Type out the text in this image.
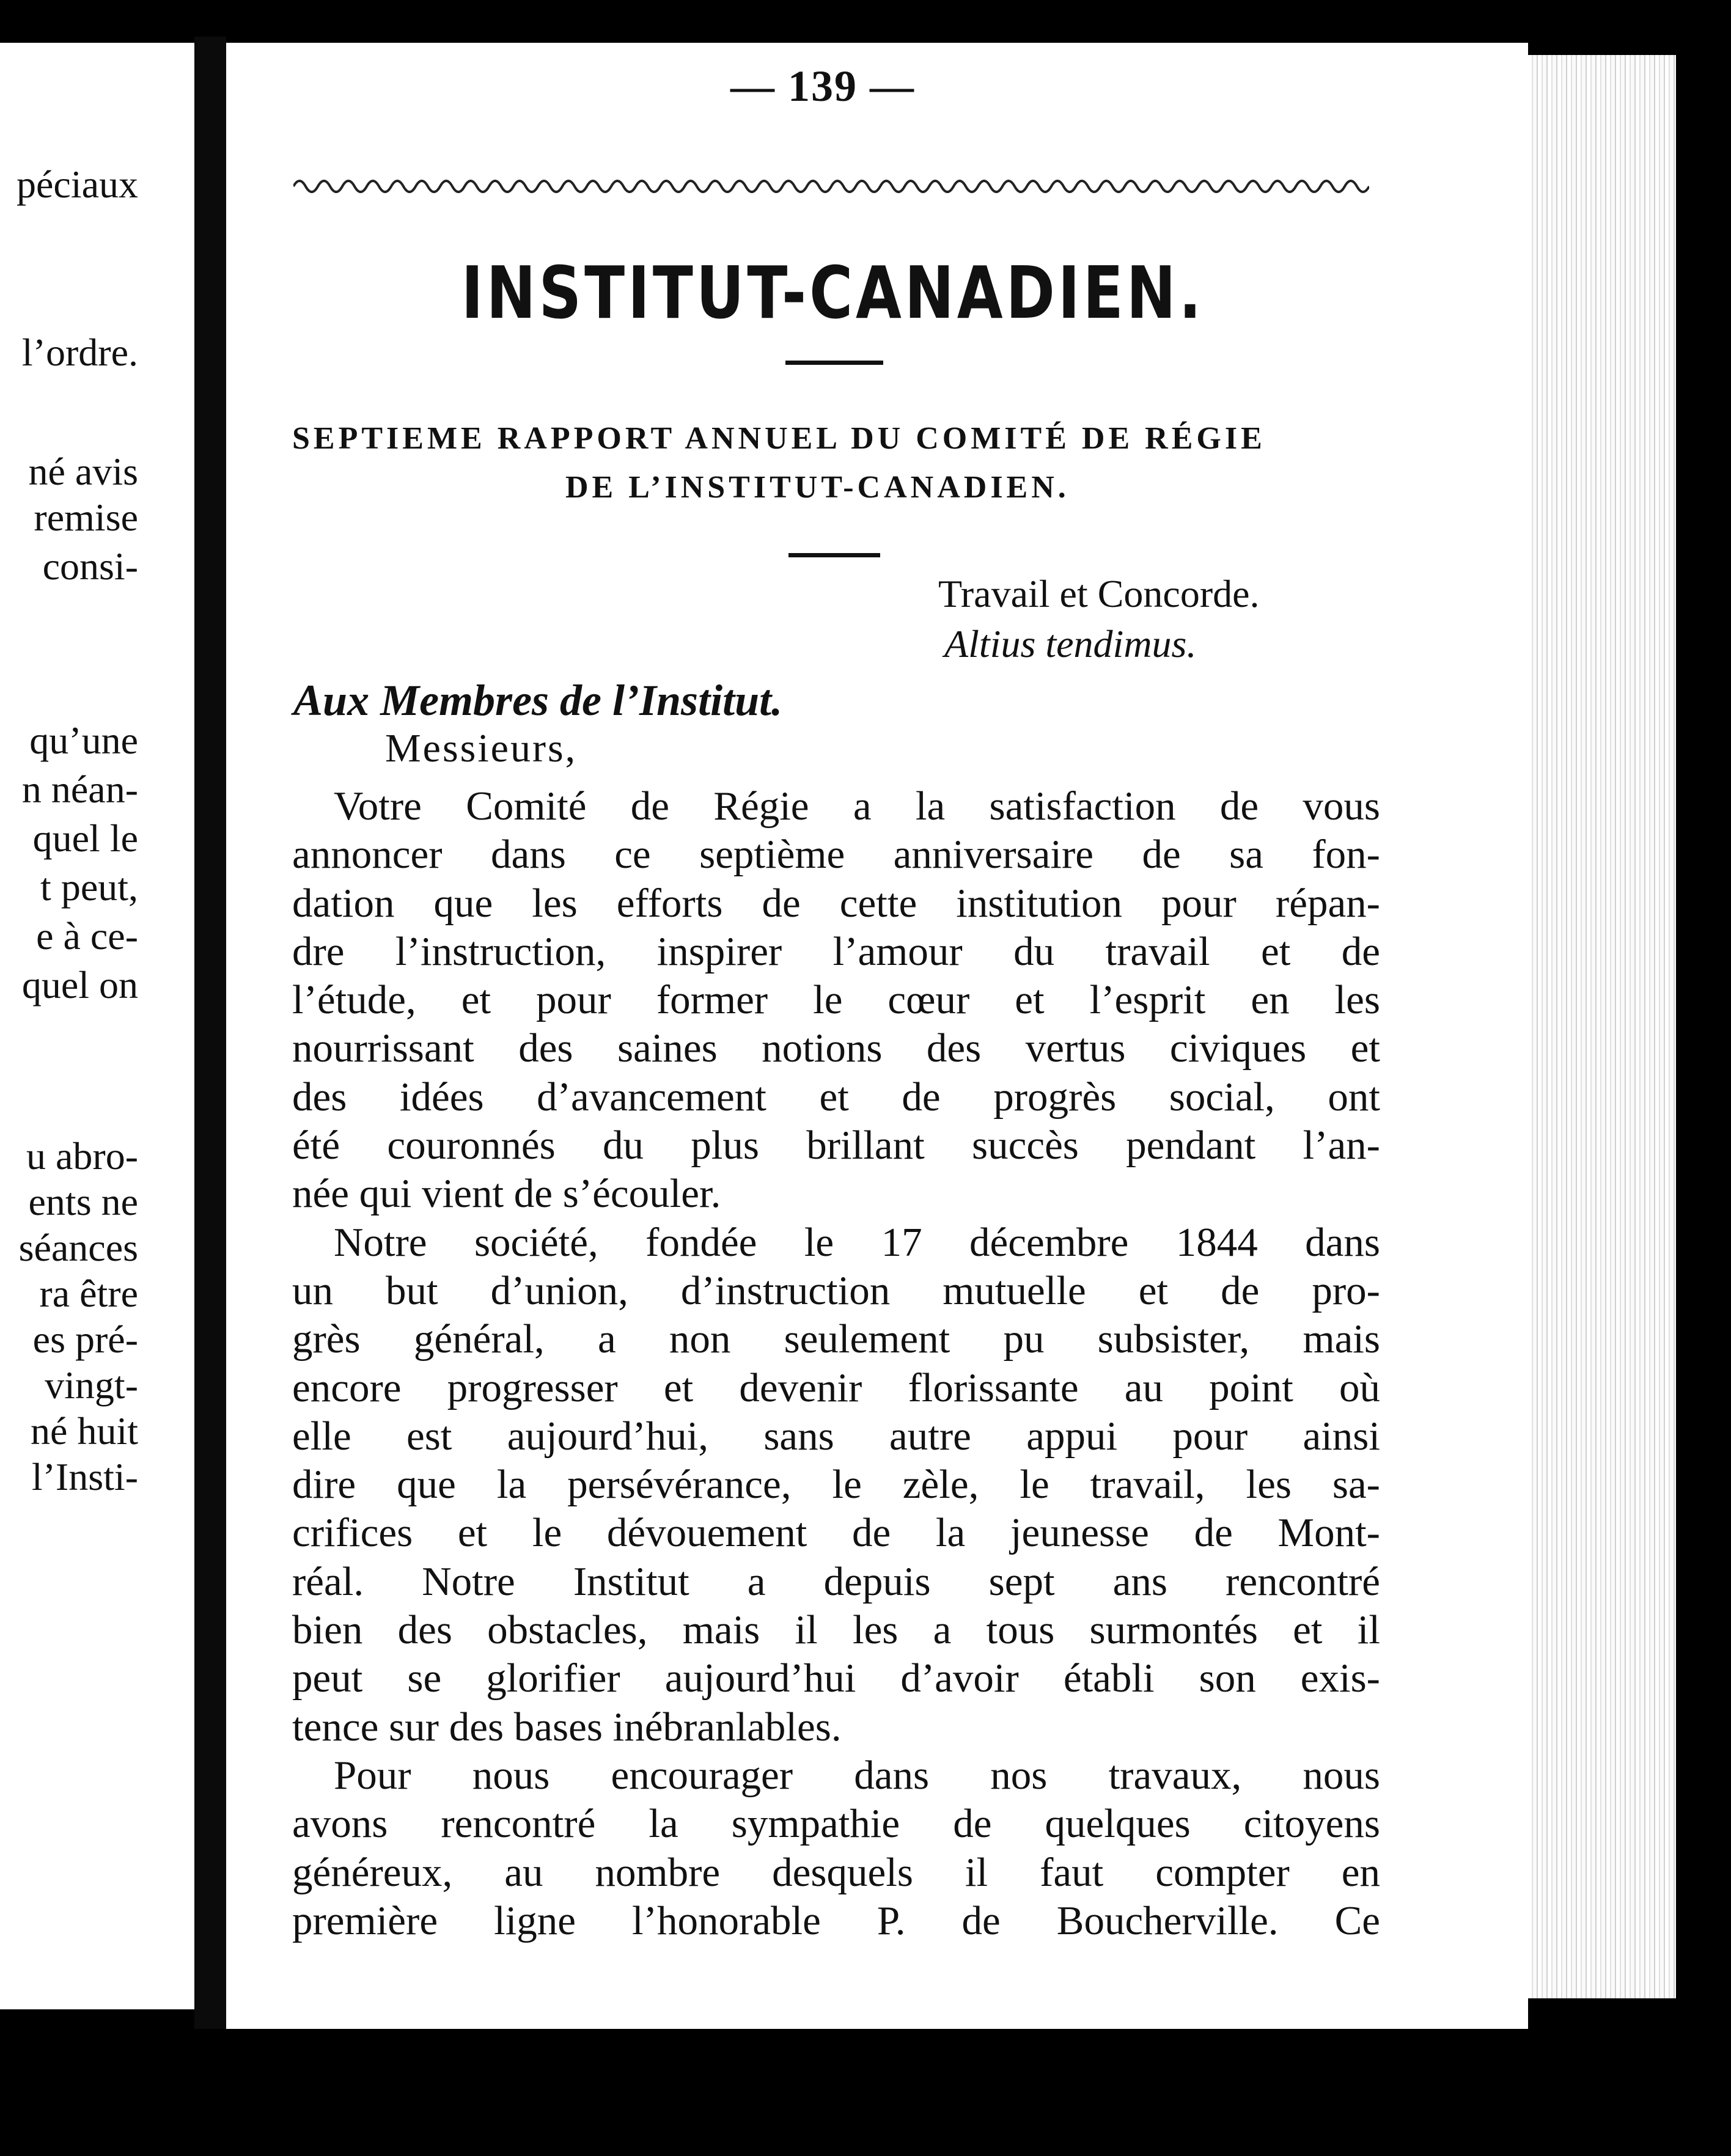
péciaux
l’ordre.
né avis
remise
consi-
qu’une
n néan-
quel le
t peut,
e à ce-
quel on
u abro-
ents ne
séances
ra être
es pré-
vingt-
né huit
l’Insti-
— 139 —
INSTITUT-CANADIEN.
SEPTIEME RAPPORT ANNUEL DU COMITÉ DE RÉGIE
DE L’INSTITUT-CANADIEN.
Travail et Concorde.
Altius tendimus.
Aux Membres de l’Institut.
Messieurs,
Votre Comité de Régie a la satisfaction de vous
annoncer dans ce septième anniversaire de sa fon-
dation que les efforts de cette institution pour répan-
dre l’instruction, inspirer l’amour du travail et de
l’étude, et pour former le cœur et l’esprit en les
nourrissant des saines notions des vertus civiques et
des idées d’avancement et de progrès social, ont
été couronnés du plus brillant succès pendant l’an-
née qui vient de s’écouler.
Notre société, fondée le 17 décembre 1844 dans
un but d’union, d’instruction mutuelle et de pro-
grès général, a non seulement pu subsister, mais
encore progresser et devenir florissante au point où
elle est aujourd’hui, sans autre appui pour ainsi
dire que la persévérance, le zèle, le travail, les sa-
crifices et le dévouement de la jeunesse de Mont-
réal. Notre Institut a depuis sept ans rencontré
bien des obstacles, mais il les a tous surmontés et il
peut se glorifier aujourd’hui d’avoir établi son exis-
tence sur des bases inébranlables.
Pour nous encourager dans nos travaux, nous
avons rencontré la sympathie de quelques citoyens
généreux, au nombre desquels il faut compter en
première ligne l’honorable P. de Boucherville. Ce
